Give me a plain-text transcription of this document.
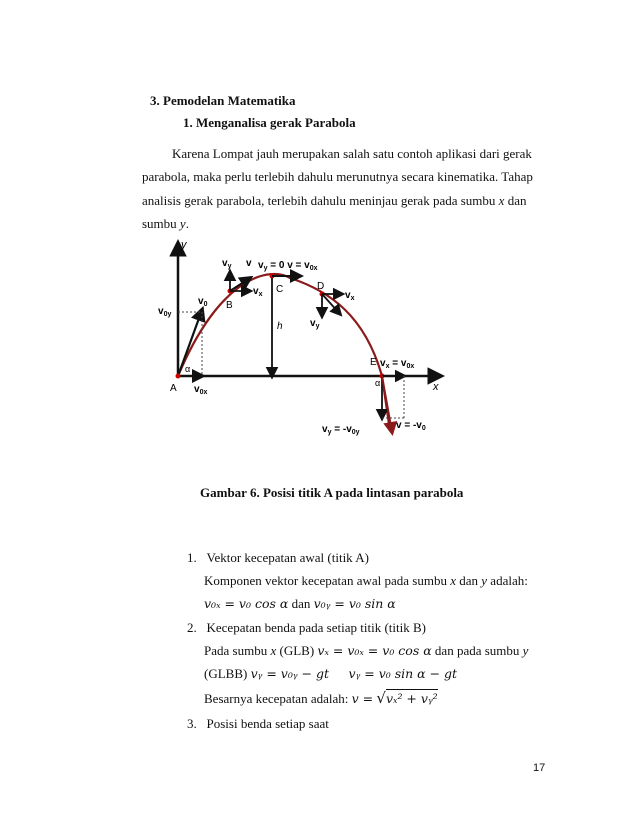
3. Pemodelan Matematika
1. Menganalisa gerak Parabola
Karena Lompat jauh merupakan salah satu contoh aplikasi dari gerak
parabola, maka perlu terlebih dahulu merunutnya secara kinematika. Tahap
analisis gerak parabola, terlebih dahulu meninjau gerak pada sumbu x dan
sumbu y.
y
x
A
α
B
C	D
E
h
α
$v_y = 0$ $v = v_{0x}$
$v_y$ v
$v_x$
$v_y$
$v_x$
$v_0$
$v_{0y}$
$v_{0x}$
$v_x = v_{0x}$
$v_y = -v_{0y}$
$v = -v_0$
Gambar 6. Posisi titik A pada lintasan parabola
1. Vektor kecepatan awal (titik A)
Komponen vektor kecepatan awal pada sumbu x dan y adalah:
v₀ₓ = v₀ cos α dan v₀ᵧ = v₀ sin α
2. Kecepatan benda pada setiap titik (titik B)
Pada sumbu x (GLB) vₓ = v₀ₓ = v₀ cos α dan pada sumbu y
(GLBB) vᵧ = v₀ᵧ − gt vᵧ = v₀ sin α − gt
Besarnya kecepatan adalah: v = √vₓ² + vᵧ²
3. Posisi benda setiap saat
17
